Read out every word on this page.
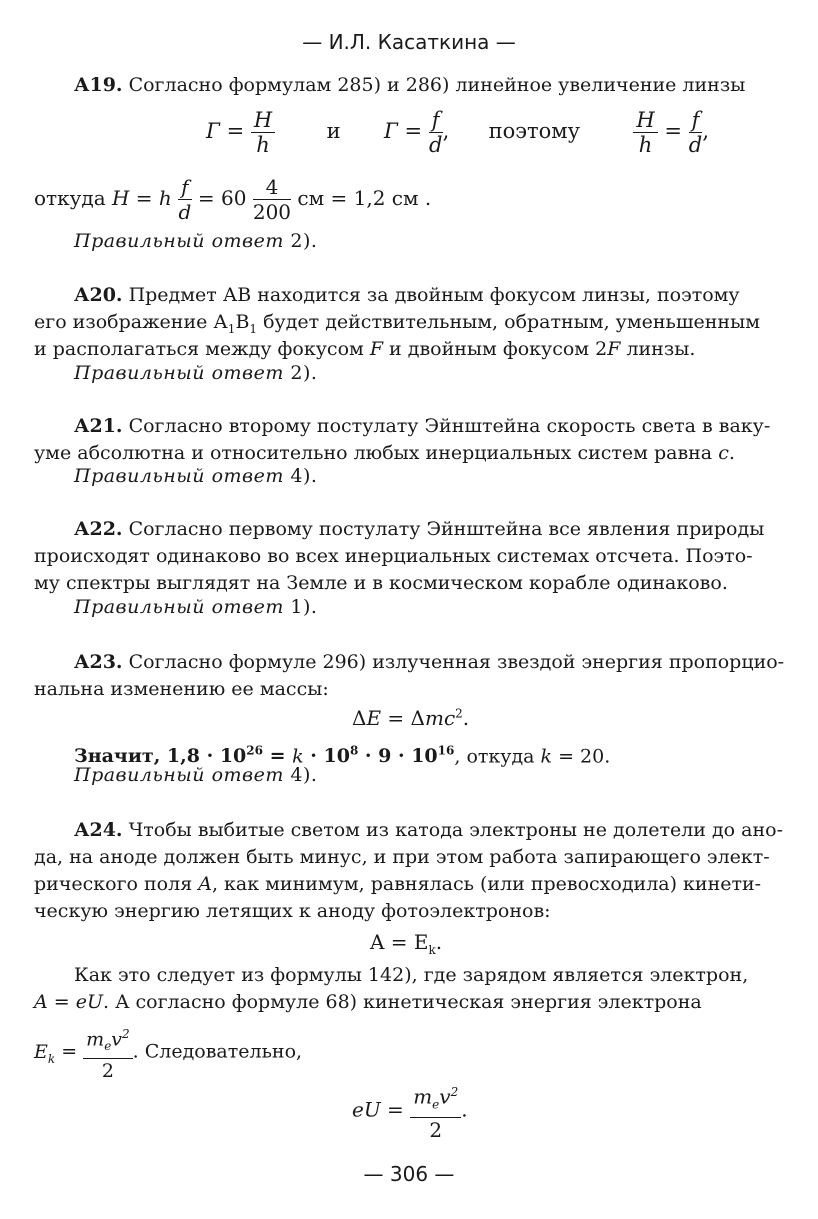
— И.Л. Касаткина —
А19. Согласно формулам 285) и 286) линейное увеличение линзы
$Г = \frac{H}{h}$ и $Г = \frac{f}{d}$ ,  поэтому	$\frac{H}{h} = \frac{f}{d}$ ,
откуда H = h $\frac{f}{d} = 60 \frac{4}{200}$ см = 1,2 см .
Правильный ответ 2).
А20. Предмет АВ находится за двойным фокусом линзы, поэтому
его изображение $А_1В_1$ будет действительным, обратным, уменьшенным
и располагаться между фокусом F и двойным фокусом 2F линзы.
Правильный ответ 2).
А21. Согласно второму постулату Эйнштейна скорость света в ваку-
уме абсолютна и относительно любых инерциальных систем равна с.
Правильный ответ 4).
А22. Согласно первому постулату Эйнштейна все явления природы
происходят одинаково во всех инерциальных системах отсчета. Поэто-
му спектры выглядят на Земле и в космическом корабле одинаково.
Правильный ответ 1).
А23. Согласно формуле 296) излученная звездой энергия пропорцио-
нальна изменению ее массы:
ΔE = Δmc$^2$.
Значит, $1,8 \cdot 10^{26} = k \cdot 10^8 \cdot 9 \cdot 10^{16}$, откуда k = 20.
Правильный ответ 4).
А24. Чтобы выбитые светом из катода электроны не долетели до ано-
да, на аноде должен быть минус, и при этом работа запирающего элект-
рического поля A, как минимум, равнялась (или превосходила) кинети-
ческую энергию летящих к аноду фотоэлектронов:
$A = E_k$.
Как это следует из формулы 142), где зарядом является электрон,
A = eU. А согласно формуле 68) кинетическая энергия электрона
$E_k = \frac{m_ev^2}{2}$ . Следовательно,
eU = $\frac{m_ev^2}{2}$ .
— 306 —
